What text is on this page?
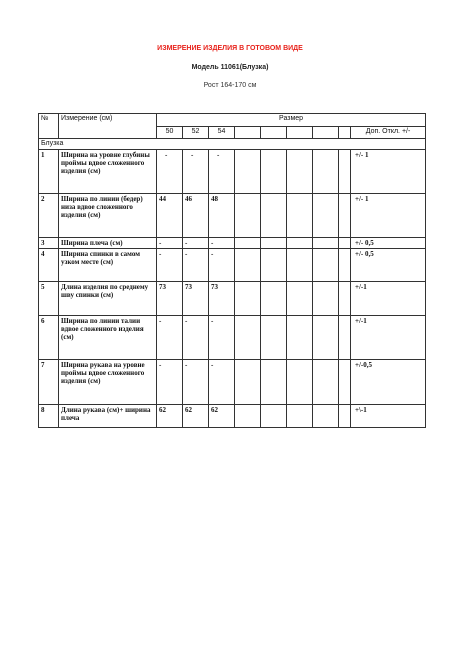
ИЗМЕРЕНИЕ ИЗДЕЛИЯ В ГОТОВОМ ВИДЕ
Модель 11061(Блузка)
Рост 164-170 см
№	Измерение (см)	Размер								
		50	52	54						Доп. Откл. +/-
Блузка										
1	Ширина на уровне глубины проймы вдвое сложенного изделия (см)	-	-	-						+/- 1
2	Ширина по линии (бедер) низа вдвое сложенного изделия (см)	44	46	48						+/- 1
3	Ширина плеча (см)	-	-	-						+/- 0,5
4	Ширина спинки в самом узком месте (см)	-	-	-						+/- 0,5
5	Длина изделия по среднему шву спинки (см)	73	73	73						+/-1
6	Ширина по линии талии вдвое сложенного изделия (см)	-	-	-						+/-1
7	Ширина рукава на уровне проймы вдвое сложенного изделия (см)	-	-	-						+/-0,5
8	Длина рукава (см)+ ширина плеча	62	62	62						+\-1
